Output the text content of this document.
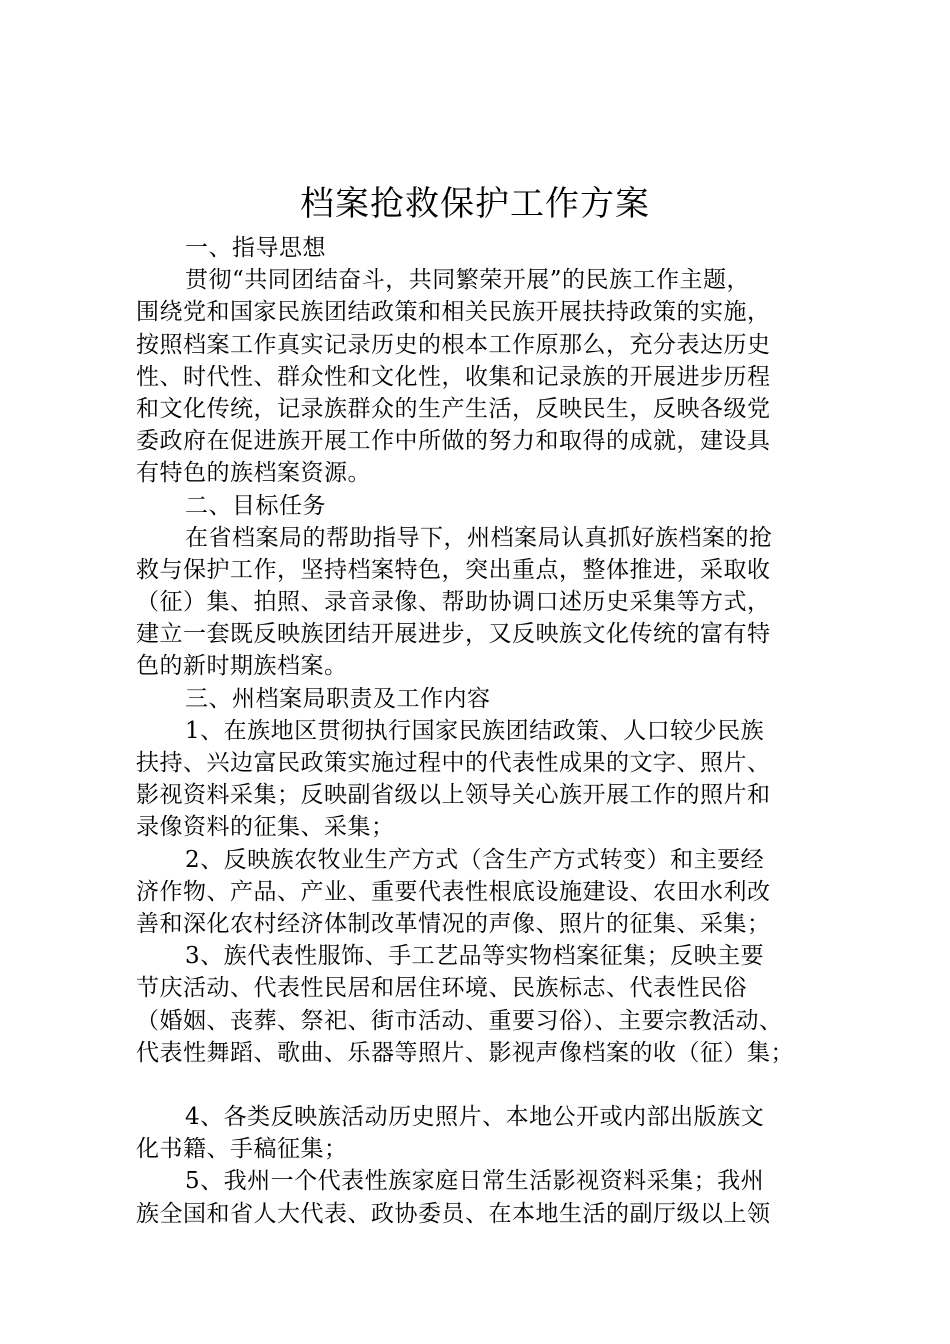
档案抢救保护工作方案
一、指导思想
贯彻“共同团结奋斗，共同繁荣开展”的民族工作主题，
围绕党和国家民族团结政策和相关民族开展扶持政策的实施，
按照档案工作真实记录历史的根本工作原那么，充分表达历史
性、时代性、群众性和文化性，收集和记录族的开展进步历程
和文化传统，记录族群众的生产生活，反映民生，反映各级党
委政府在促进族开展工作中所做的努力和取得的成就，建设具
有特色的族档案资源。
二、目标任务
在省档案局的帮助指导下，州档案局认真抓好族档案的抢
救与保护工作，坚持档案特色，突出重点，整体推进，采取收
（征）集、拍照、录音录像、帮助协调口述历史采集等方式，
建立一套既反映族团结开展进步，又反映族文化传统的富有特
色的新时期族档案。
三、州档案局职责及工作内容
1、在族地区贯彻执行国家民族团结政策、人口较少民族
扶持、兴边富民政策实施过程中的代表性成果的文字、照片、
影视资料采集；反映副省级以上领导关心族开展工作的照片和
录像资料的征集、采集；
2、反映族农牧业生产方式（含生产方式转变）和主要经
济作物、产品、产业、重要代表性根底设施建设、农田水利改
善和深化农村经济体制改革情况的声像、照片的征集、采集；
3、族代表性服饰、手工艺品等实物档案征集；反映主要
节庆活动、代表性民居和居住环境、民族标志、代表性民俗
（婚姻、丧葬、祭祀、街市活动、重要习俗）、主要宗教活动、
代表性舞蹈、歌曲、乐器等照片、影视声像档案的收（征）集；
4、各类反映族活动历史照片、本地公开或内部出版族文
化书籍、手稿征集；
5、我州一个代表性族家庭日常生活影视资料采集；我州
族全国和省人大代表、政协委员、在本地生活的副厅级以上领
